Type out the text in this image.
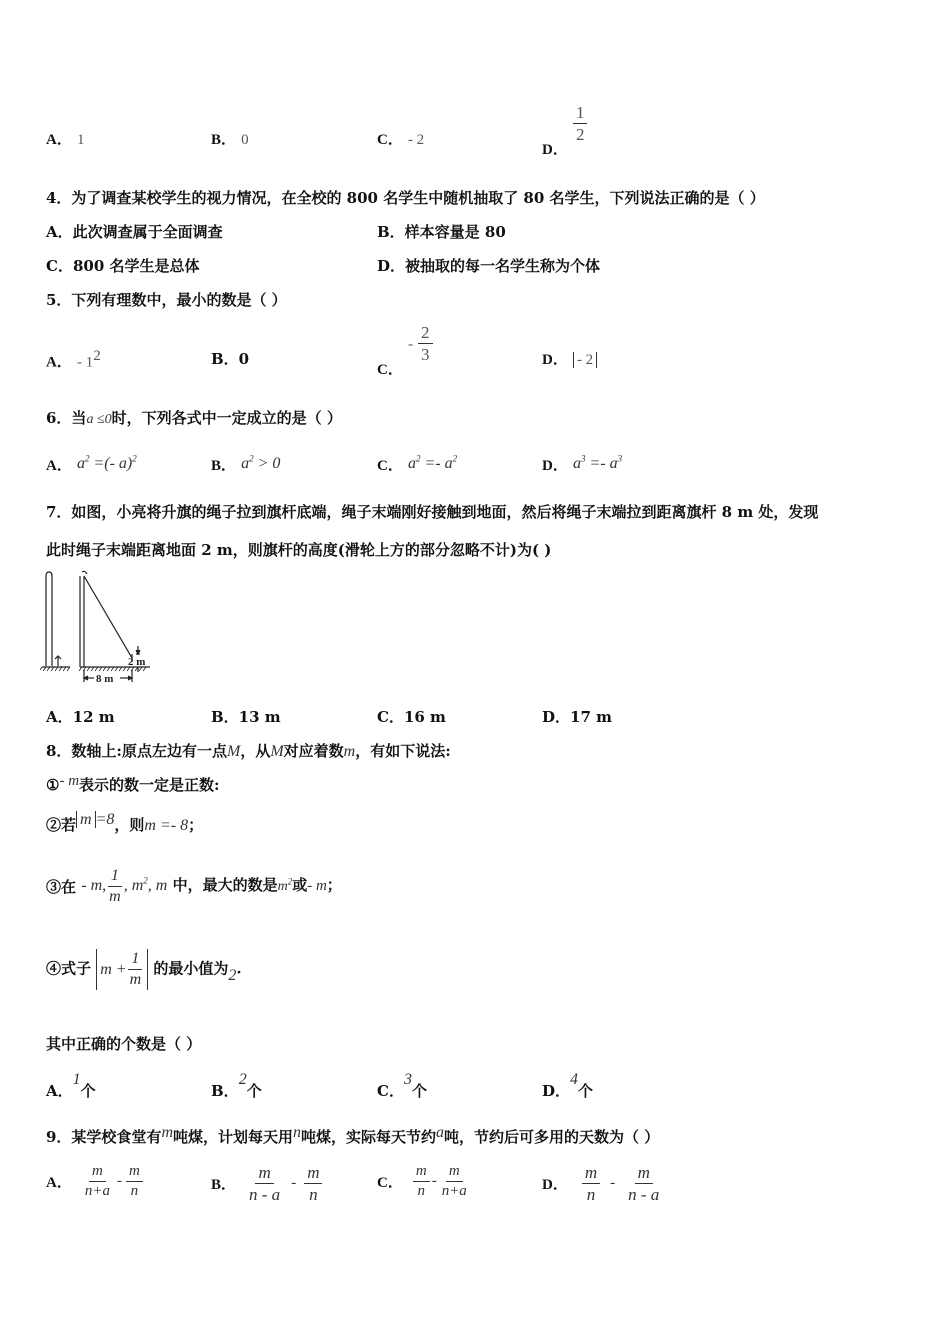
A． 1	B． 0	C． - 2
D．
$\frac{1}{2}$
4．为了调查某校学生的视力情况，在全校的 800 名学生中随机抽取了 80 名学生，下列说法正确的是（ ）
A．此次调查属于全面调查	B．样本容量是 80
C．800 名学生是总体	D．被抽取的每一名学生称为个体
5．下列有理数中，最小的数是（ ）
A． - $1^2$	B．0
C． - $\frac{2}{3}$	D． - 2
6．当a ≤0时，下列各式中一定成立的是（ ）
A． $a^2$ =(- a)$^2$	B． $a^2 > 0$	C． $a^2 =- a^2$	D． $a^3 =- a^3$
7．如图，小亮将升旗的绳子拉到旗杆底端，绳子末端刚好接触到地面，然后将绳子末端拉到距离旗杆 8 m 处，发现
此时绳子末端距离地面 2 m，则旗杆的高度(滑轮上方的部分忽略不计)为( )
2 m
8 m
A．12 m	B．13 m	C．16 m	D．17 m
8．数轴上:原点左边有一点M，从M对应着数m，有如下说法:
①- m表示的数一定是正数:
②若 m =8，则m =- 8；
③在 - m, $\frac{1}{m}$ , $m^2$, m 中，最大的数是$m^2$或- m；
④式子 $m + \frac{1}{m}$ 的最小值为2.
其中正确的个数是（ ）
A．1个	B．2个	C．3个	D．4个
9．某学校食堂有m吨煤，计划每天用n吨煤，实际每天节约a吨，节约后可多用的天数为（ ）
A． $\frac{m}{n+a} - \frac{m}{n}$	B． $\frac{m}{n - a} - \frac{m}{n}$	C． $\frac{m}{n} - \frac{m}{n+a}$	D． $\frac{m}{n} - \frac{m}{n - a}$
